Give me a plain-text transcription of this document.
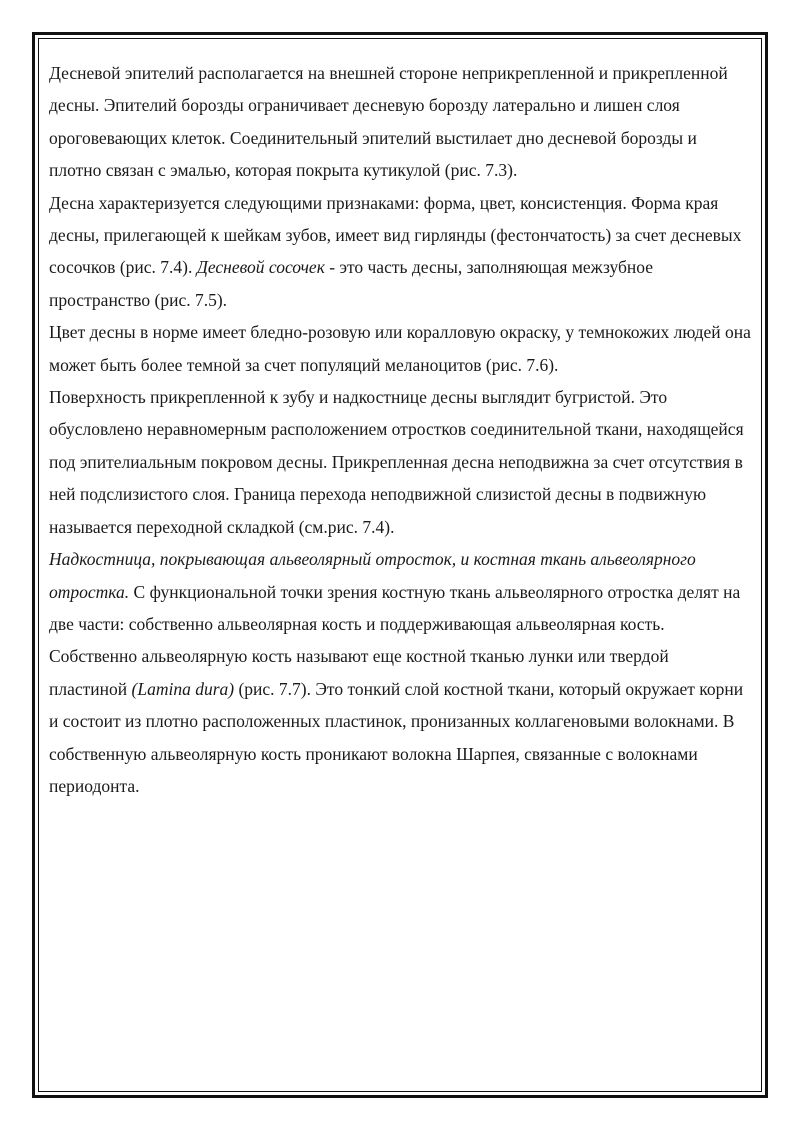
Десневой эпителий располагается на внешней стороне неприкрепленной и прикрепленной десны. Эпителий борозды ограничивает десневую борозду латерально и лишен слоя ороговевающих клеток. Соединительный эпителий выстилает дно десневой борозды и плотно связан с эмалью, которая покрыта кутикулой (рис. 7.3).

Десна характеризуется следующими признаками: форма, цвет, консистенция. Форма края десны, прилегающей к шейкам зубов, имеет вид гирлянды (фестончатость) за счет десневых сосочков (рис. 7.4). Десневой сосочек - это часть десны, заполняющая межзубное пространство (рис. 7.5).

Цвет десны в норме имеет бледно-розовую или коралловую окраску, у темнокожих людей она может быть более темной за счет популяций меланоцитов (рис. 7.6).

Поверхность прикрепленной к зубу и надкостнице десны выглядит бугристой. Это обусловлено неравномерным расположением отростков соединительной ткани, находящейся под эпителиальным покровом десны. Прикрепленная десна неподвижна за счет отсутствия в ней подслизистого слоя. Граница перехода неподвижной слизистой десны в подвижную называется переходной складкой (см.рис. 7.4).

Надкостница, покрывающая альвеолярный отросток, и костная ткань альвеолярного отростка. С функциональной точки зрения костную ткань альвеолярного отростка делят на две части: собственно альвеолярная кость и поддерживающая альвеолярная кость.

Собственно альвеолярную кость называют еще костной тканью лунки или твердой пластиной (Lamina dura) (рис. 7.7). Это тонкий слой костной ткани, который окружает корни и состоит из плотно расположенных пластинок, пронизанных коллагеновыми волокнами. В собственную альвеолярную кость проникают волокна Шарпея, связанные с волокнами периодонта.
